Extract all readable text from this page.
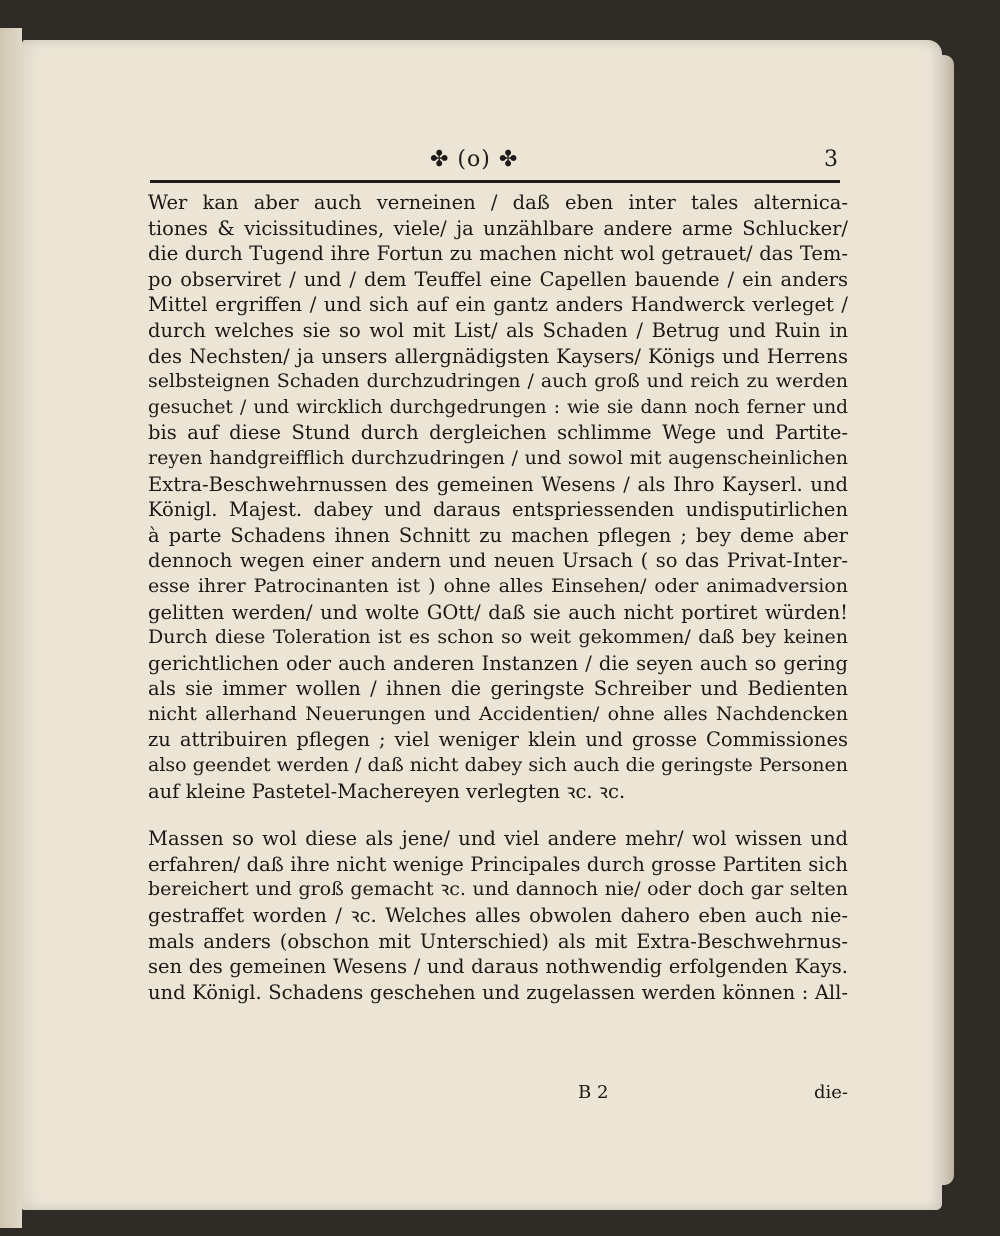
✤ (o) ✤	3
Wer kan aber auch verneinen / daß eben inter tales alternica-
tiones & vicissitudines, viele/ ja unzählbare andere arme Schlucker/
die durch Tugend ihre Fortun zu machen nicht wol getrauet/ das Tem-
po observiret / und / dem Teuffel eine Capellen bauende / ein anders
Mittel ergriffen / und sich auf ein gantz anders Handwerck verleget /
durch welches sie so wol mit List/ als Schaden / Betrug und Ruin in
des Nechsten/ ja unsers allergnädigsten Kaysers/ Königs und Herrens
selbsteignen Schaden durchzudringen / auch groß und reich zu werden
gesuchet / und wircklich durchgedrungen : wie sie dann noch ferner und
bis auf diese Stund durch dergleichen schlimme Wege und Partite-
reyen handgreifflich durchzudringen / und sowol mit augenscheinlichen
Extra-Beschwehrnussen des gemeinen Wesens / als Ihro Kayserl. und
Königl. Majest. dabey und daraus entspriessenden undisputirlichen
à parte Schadens ihnen Schnitt zu machen pflegen ; bey deme aber
dennoch wegen einer andern und neuen Ursach ( so das Privat-Inter-
esse ihrer Patrocinanten ist ) ohne alles Einsehen/ oder animadversion
gelitten werden/ und wolte GOtt/ daß sie auch nicht portiret würden!
Durch diese Toleration ist es schon so weit gekommen/ daß bey keinen
gerichtlichen oder auch anderen Instanzen / die seyen auch so gering
als sie immer wollen / ihnen die geringste Schreiber und Bedienten
nicht allerhand Neuerungen und Accidentien/ ohne alles Nachdencken
zu attribuiren pflegen ; viel weniger klein und grosse Commissiones
also geendet werden / daß nicht dabey sich auch die geringste Personen
auf kleine Pastetel-Machereyen verlegten ꝛc. ꝛc.
Massen so wol diese als jene/ und viel andere mehr/ wol wissen und
erfahren/ daß ihre nicht wenige Principales durch grosse Partiten sich
bereichert und groß gemacht ꝛc. und dannoch nie/ oder doch gar selten
gestraffet worden / ꝛc. Welches alles obwolen dahero eben auch nie-
mals anders (obschon mit Unterschied) als mit Extra-Beschwehrnus-
sen des gemeinen Wesens / und daraus nothwendig erfolgenden Kays.
und Königl. Schadens geschehen und zugelassen werden können : All-
B 2	die-
